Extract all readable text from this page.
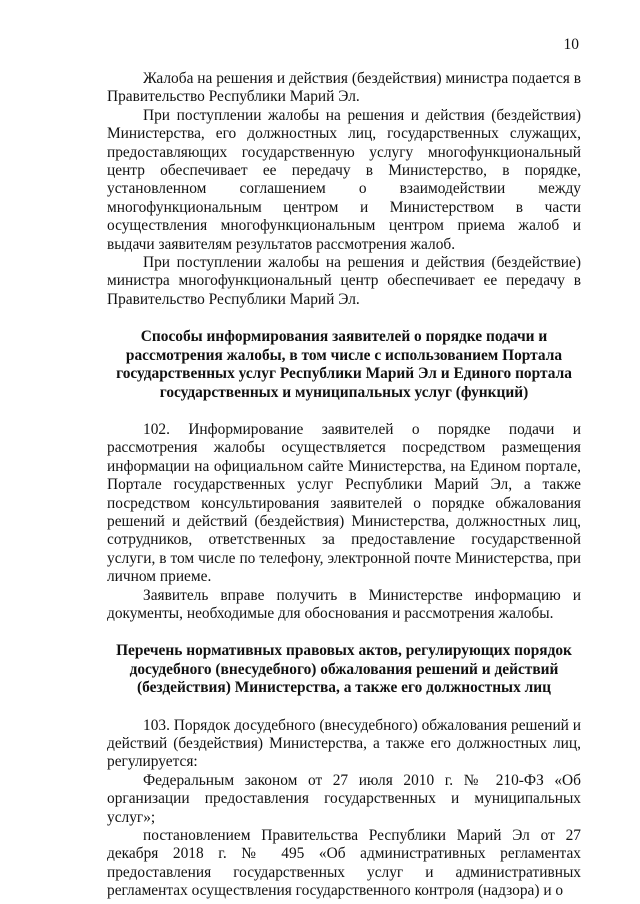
10

Жалоба на решения и действия (бездействия) министра подается в Правительство Республики Марий Эл.

При поступлении жалобы на решения и действия (бездействия) Министерства, его должностных лиц, государственных служащих, предоставляющих государственную услугу многофункциональный центр обеспечивает ее передачу в Министерство, в порядке, установленном соглашением о взаимодействии между многофункциональным центром и Министерством в части осуществления многофункциональным центром приема жалоб и выдачи заявителям результатов рассмотрения жалоб.

При поступлении жалобы на решения и действия (бездействие) министра многофункциональный центр обеспечивает ее передачу в Правительство Республики Марий Эл.

Способы информирования заявителей о порядке подачи и рассмотрения жалобы, в том числе с использованием Портала государственных услуг Республики Марий Эл и Единого портала государственных и муниципальных услуг (функций)

102. Информирование заявителей о порядке подачи и рассмотрения жалобы осуществляется посредством размещения информации на официальном сайте Министерства, на Едином портале, Портале государственных услуг Республики Марий Эл, а также посредством консультирования заявителей о порядке обжалования решений и действий (бездействия) Министерства, должностных лиц, сотрудников, ответственных за предоставление государственной услуги, в том числе по телефону, электронной почте Министерства, при личном приеме.

Заявитель вправе получить в Министерстве информацию и документы, необходимые для обоснования и рассмотрения жалобы.

Перечень нормативных правовых актов, регулирующих порядок досудебного (внесудебного) обжалования решений и действий (бездействия) Министерства, а также его должностных лиц

103. Порядок досудебного (внесудебного) обжалования решений и действий (бездействия) Министерства, а также его должностных лиц, регулируется:

Федеральным законом от 27 июля 2010 г. № 210-ФЗ «Об организации предоставления государственных и муниципальных услуг»;

постановлением Правительства Республики Марий Эл от 27 декабря 2018 г. № 495 «Об административных регламентах предоставления государственных услуг и административных регламентах осуществления государственного контроля (надзора) и о
